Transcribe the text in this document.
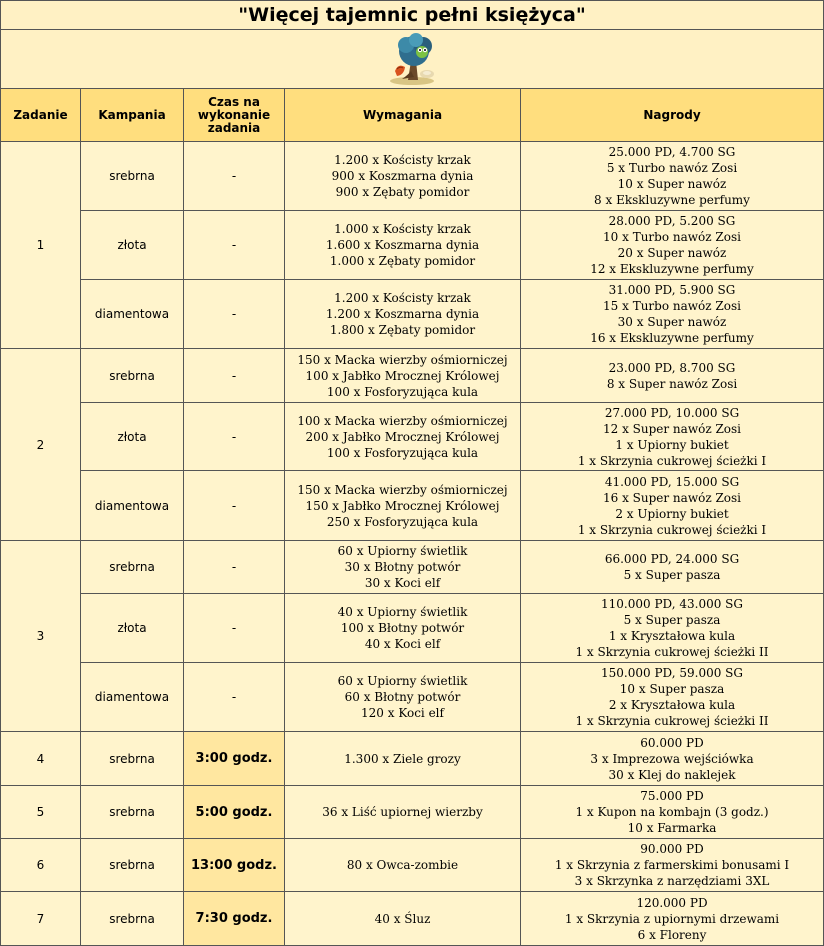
"Więcej tajemnic pełni księżyca"				

Zadanie	Kampania	Czas na
wykonanie
zadania	Wymagania	Nagrody
1	srebrna	-	1.200 x Kościsty krzak
900 x Koszmarna dynia
900 x Zębaty pomidor	25.000 PD, 4.700 SG
5 x Turbo nawóz Zosi
10 x Super nawóz
8 x Ekskluzywne perfumy

	złota	-	1.000 x Kościsty krzak
1.600 x Koszmarna dynia
1.000 x Zębaty pomidor	28.000 PD, 5.200 SG
10 x Turbo nawóz Zosi
20 x Super nawóz
12 x Ekskluzywne perfumy

	diamentowa	-	1.200 x Kościsty krzak
1.200 x Koszmarna dynia
1.800 x Zębaty pomidor	31.000 PD, 5.900 SG
15 x Turbo nawóz Zosi
30 x Super nawóz
16 x Ekskluzywne perfumy

2	srebrna	-	150 x Macka wierzby ośmiorniczej
100 x Jabłko Mrocznej Królowej
100 x Fosforyzująca kula	23.000 PD, 8.700 SG
8 x Super nawóz Zosi

	złota	-	100 x Macka wierzby ośmiorniczej
200 x Jabłko Mrocznej Królowej
100 x Fosforyzująca kula	27.000 PD, 10.000 SG
12 x Super nawóz Zosi
1 x Upiorny bukiet
1 x Skrzynia cukrowej ścieżki I

	diamentowa	-	150 x Macka wierzby ośmiorniczej
150 x Jabłko Mrocznej Królowej
250 x Fosforyzująca kula	41.000 PD, 15.000 SG
16 x Super nawóz Zosi
2 x Upiorny bukiet
1 x Skrzynia cukrowej ścieżki I

3	srebrna	-	60 x Upiorny świetlik
30 x Błotny potwór
30 x Koci elf	66.000 PD, 24.000 SG
5 x Super pasza

	złota	-	40 x Upiorny świetlik
100 x Błotny potwór
40 x Koci elf	110.000 PD, 43.000 SG
5 x Super pasza
1 x Kryształowa kula
1 x Skrzynia cukrowej ścieżki II

	diamentowa	-	60 x Upiorny świetlik
60 x Błotny potwór
120 x Koci elf	150.000 PD, 59.000 SG
10 x Super pasza
2 x Kryształowa kula
1 x Skrzynia cukrowej ścieżki II

4	srebrna	3:00 godz.	1.300 x Ziele grozy	60.000 PD
3 x Imprezowa wejściówka
30 x Klej do naklejek

5	srebrna	5:00 godz.	36 x Liść upiornej wierzby	75.000 PD
1 x Kupon na kombajn (3 godz.)
10 x Farmarka

6	srebrna	13:00 godz.	80 x Owca-zombie	90.000 PD
1 x Skrzynia z farmerskimi bonusami I
3 x Skrzynka z narzędziami 3XL

7	srebrna	7:30 godz.	40 x Śluz	120.000 PD
1 x Skrzynia z upiornymi drzewami
6 x Floreny
